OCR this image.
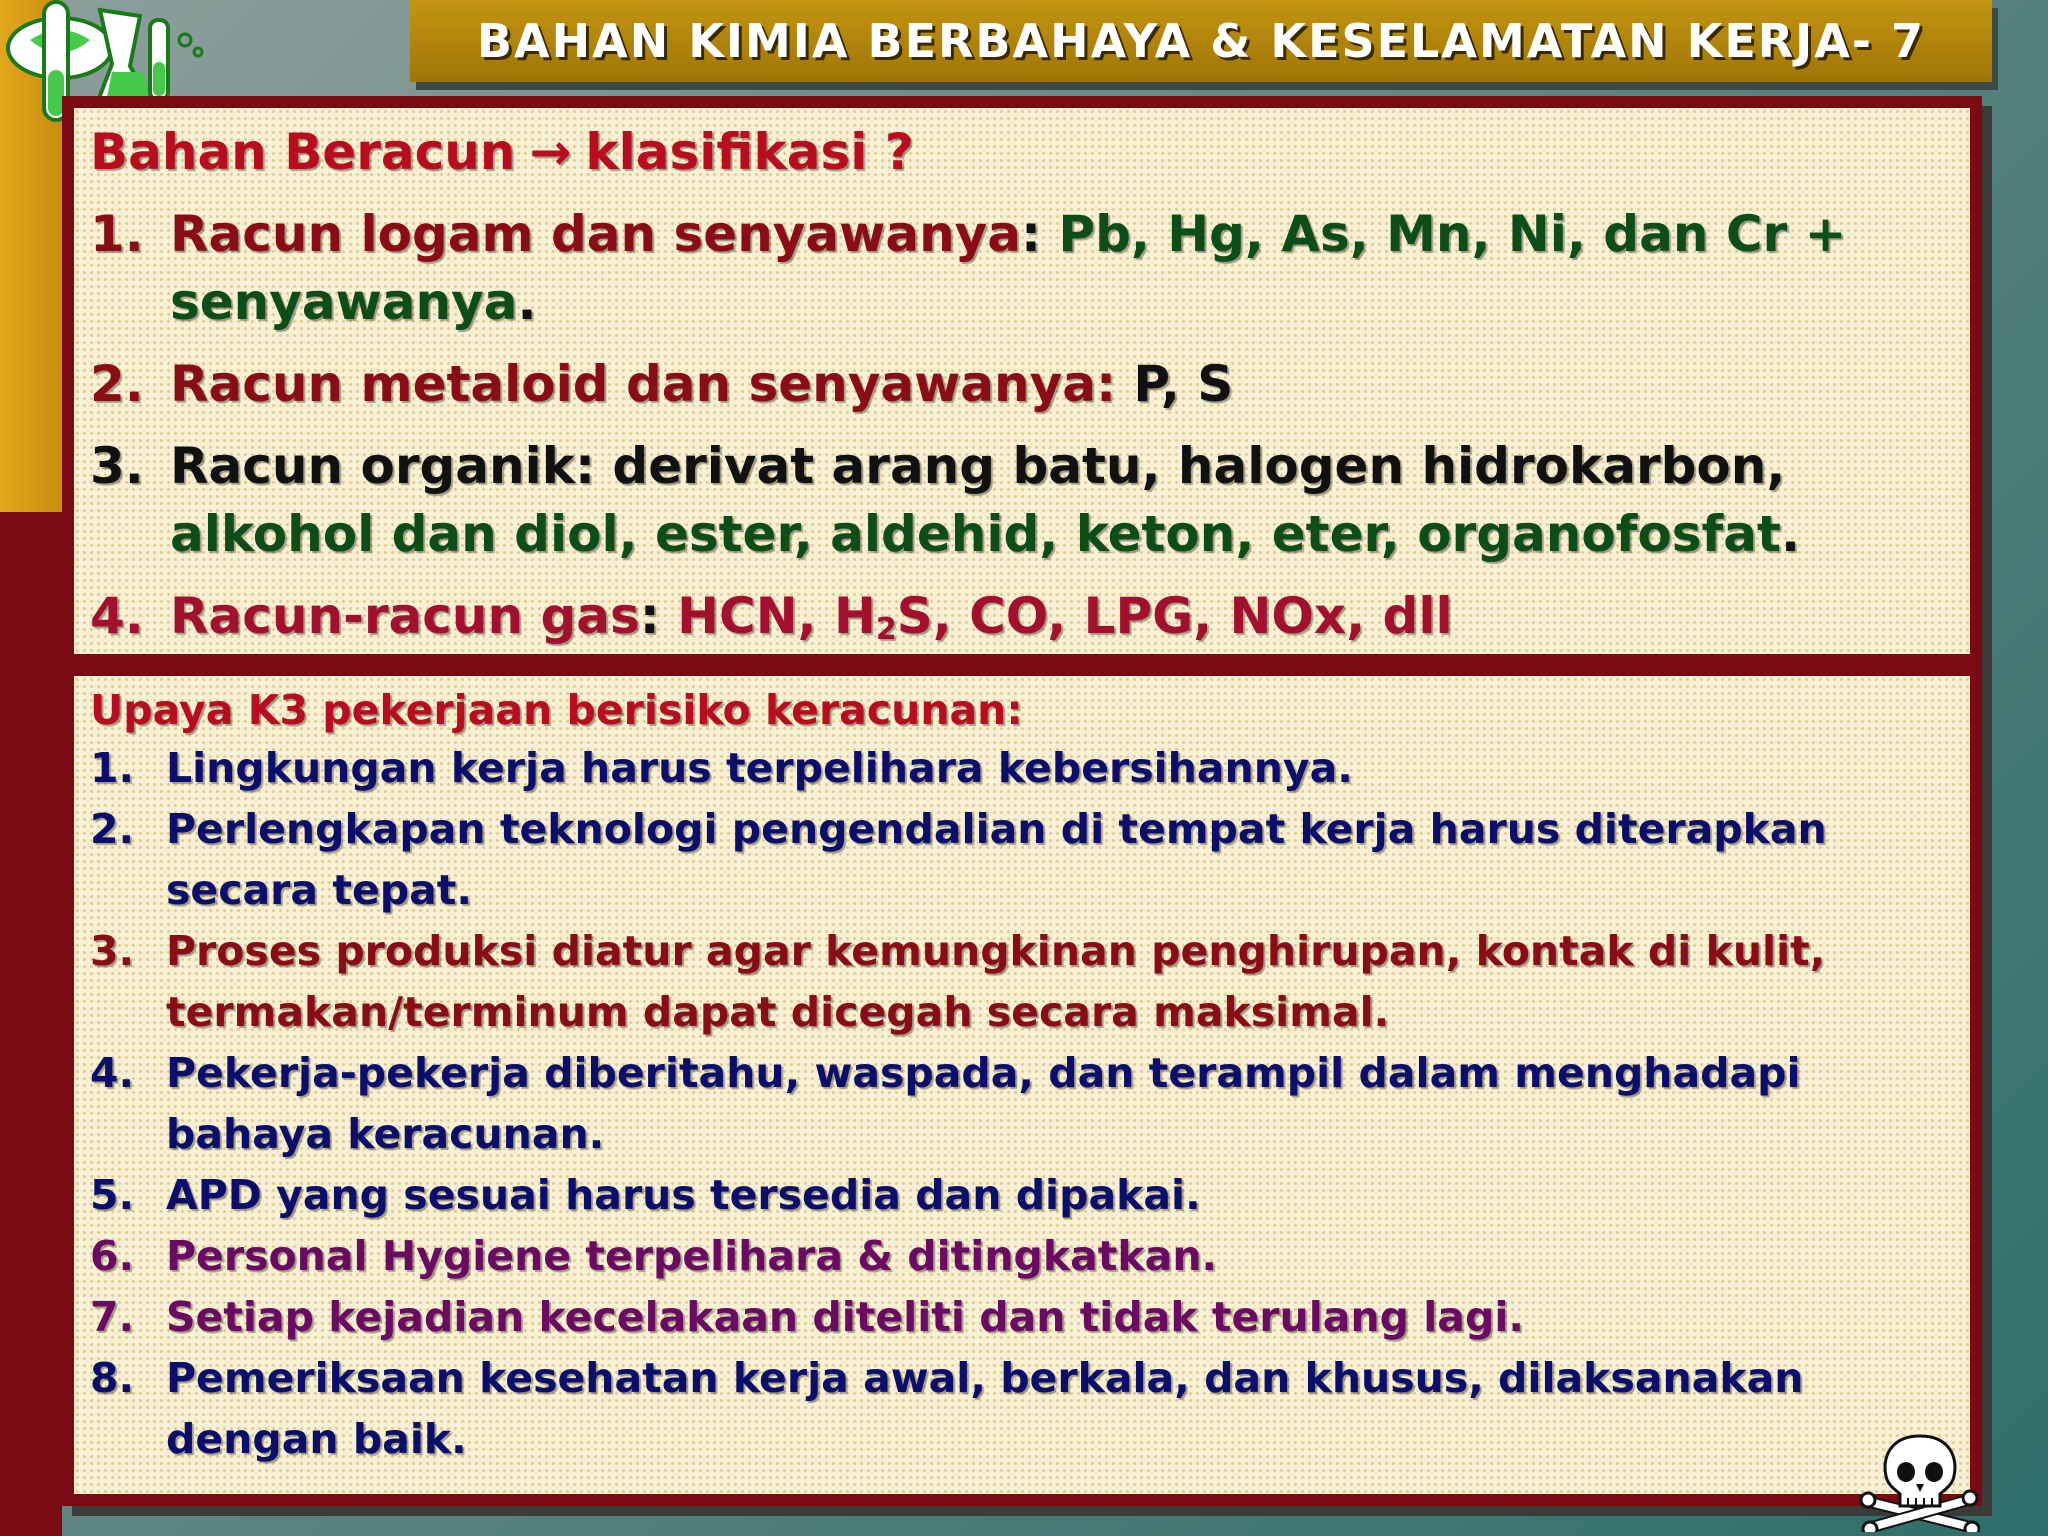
BAHAN KIMIA BERBAHAYA & KESELAMATAN KERJA- 7
Bahan Beracun → klasifikasi ?
1. Racun logam dan senyawanya: Pb, Hg, As, Mn, Ni, dan Cr + senyawanya.
2. Racun metaloid dan senyawanya: P, S
3. Racun organik: derivat arang batu, halogen hidrokarbon, alkohol dan diol, ester, aldehid, keton, eter, organofosfat.
4. Racun-racun gas: HCN, $H_2S$, CO, LPG, NOx, dll
Upaya K3 pekerjaan berisiko keracunan:
1. Lingkungan kerja harus terpelihara kebersihannya.
2. Perlengkapan teknologi pengendalian di tempat kerja harus diterapkan secara tepat.
3. Proses produksi diatur agar kemungkinan penghirupan, kontak di kulit, termakan/terminum dapat dicegah secara maksimal.
4. Pekerja-pekerja diberitahu, waspada, dan terampil dalam menghadapi bahaya keracunan.
5. APD yang sesuai harus tersedia dan dipakai.
6. Personal Hygiene terpelihara & ditingkatkan.
7. Setiap kejadian kecelakaan diteliti dan tidak terulang lagi.
8. Pemeriksaan kesehatan kerja awal, berkala, dan khusus, dilaksanakan dengan baik.
